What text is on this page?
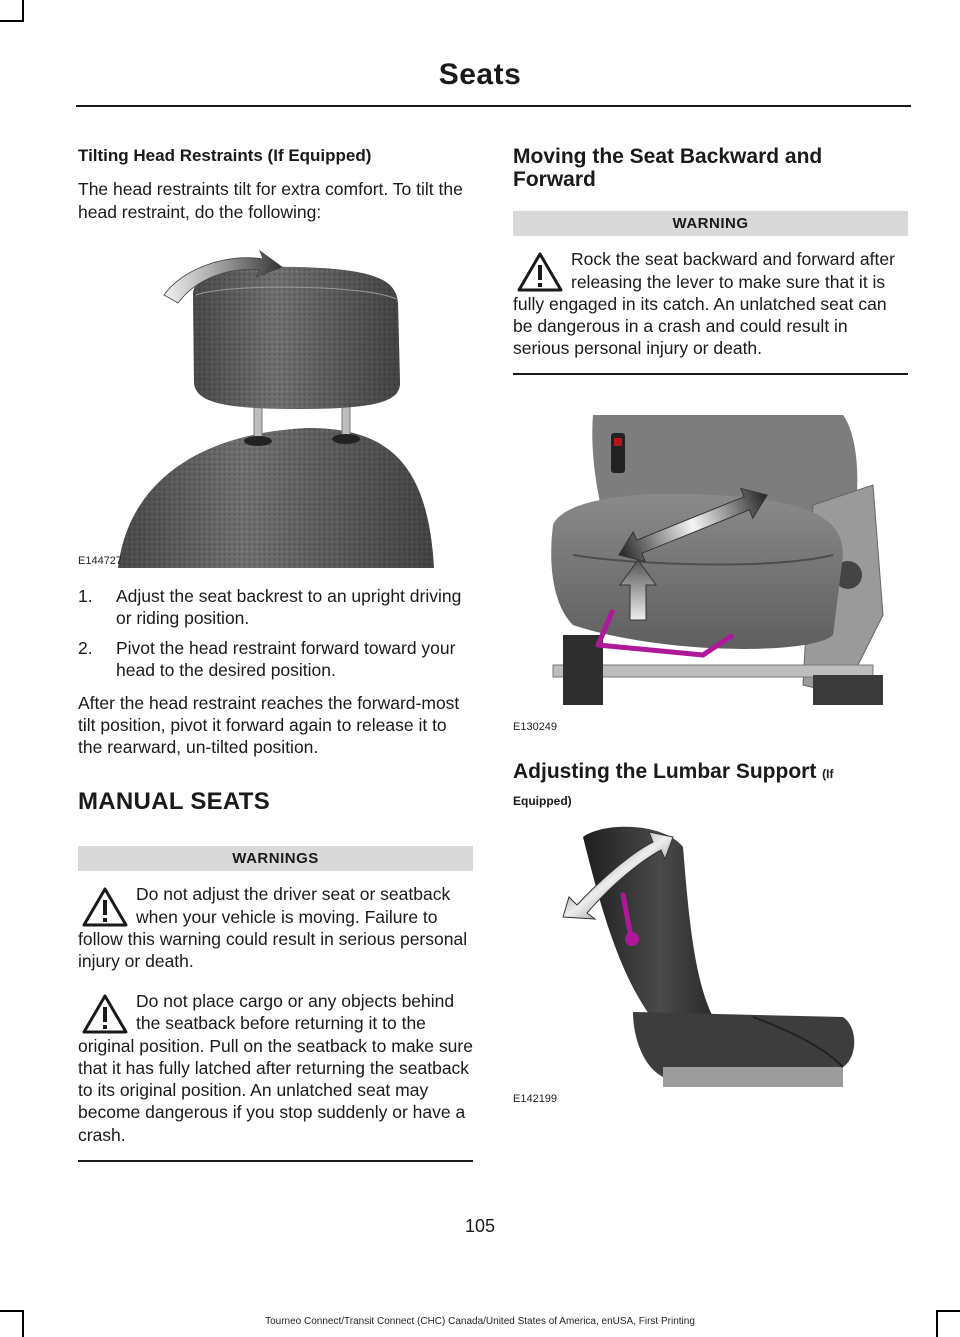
Seats
Tilting Head Restraints (If Equipped)

The head restraints tilt for extra comfort. To tilt the head restraint, do the following:

E144727
1. Adjust the seat backrest to an upright driving or riding position.
2. Pivot the head restraint forward toward your head to the desired position.

After the head restraint reaches the forward-most tilt position, pivot it forward again to release it to the rearward, un-tilted position.

MANUAL SEATS
WARNINGS

Do not adjust the driver seat or seatback when your vehicle is moving. Failure to follow this warning could result in serious personal injury or death.

Do not place cargo or any objects behind the seatback before returning it to the original position. Pull on the seatback to make sure that it has fully latched after returning the seatback to its original position. An unlatched seat may become dangerous if you stop suddenly or have a crash.

Moving the Seat Backward and Forward
WARNING

Rock the seat backward and forward after releasing the lever to make sure that it is fully engaged in its catch. An unlatched seat can be dangerous in a crash and could result in serious personal injury or death.

E130249
Adjusting the Lumbar Support (If
Equipped)
E142199
105
Tourneo Connect/Transit Connect (CHC) Canada/United States of America, enUSA, First Printing
